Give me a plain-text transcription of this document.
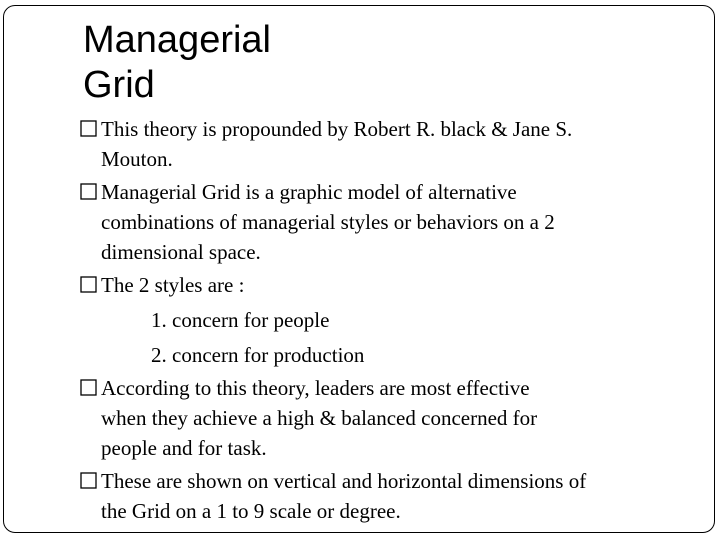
Managerial
Grid
This theory is propounded by Robert R. black & Jane S.
Mouton.
Managerial Grid is a graphic model of alternative
combinations of managerial styles or behaviors on a 2
dimensional space.
The 2 styles are :
1. concern for people
2. concern for production
According to this theory, leaders are most effective
when they achieve a high & balanced concerned for
people and for task.
These are shown on vertical and horizontal dimensions of
the Grid on a 1 to 9 scale or degree.
